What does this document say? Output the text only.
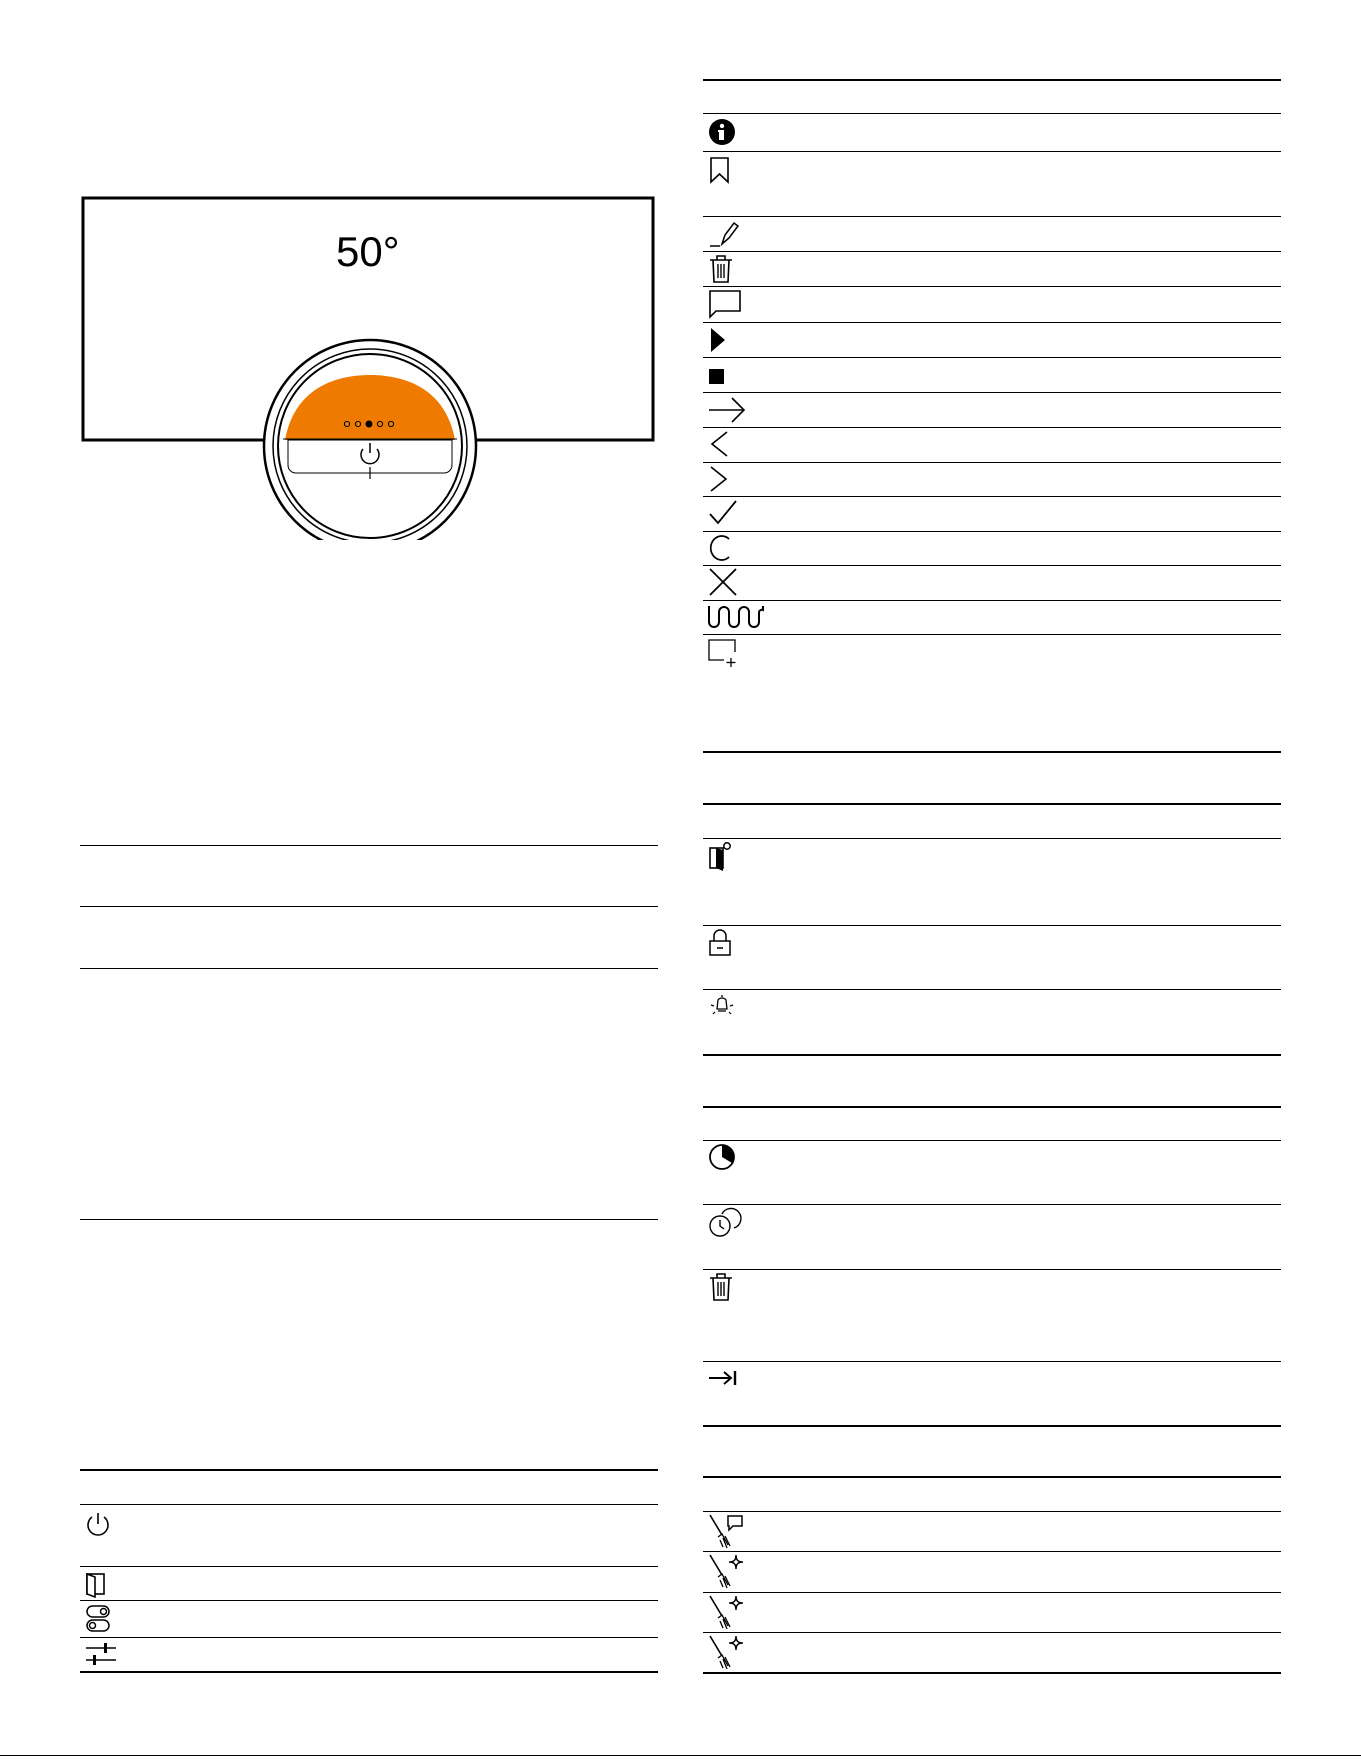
50°
